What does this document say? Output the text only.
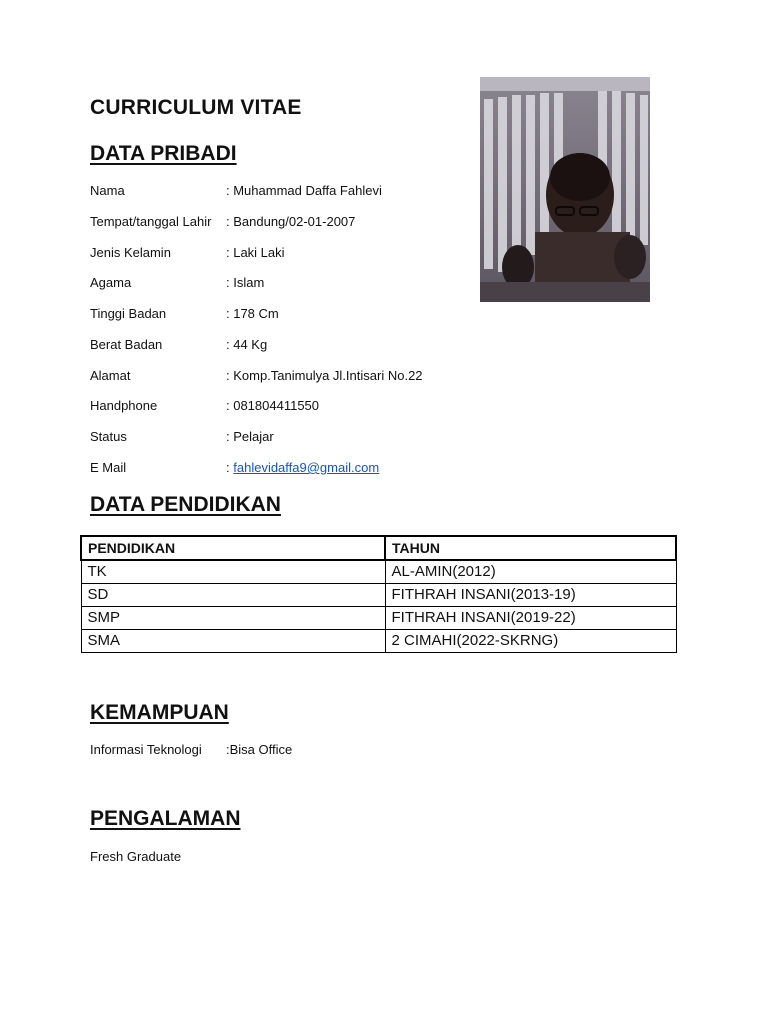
CURRICULUM VITAE
DATA PRIBADI
Nama	: Muhammad Daffa Fahlevi
Tempat/tanggal Lahir : Bandung/02-01-2007
Jenis Kelamin	: Laki Laki
Agama	: Islam
Tinggi Badan	: 178 Cm
Berat Badan	: 44 Kg
Alamat	: Komp.Tanimulya Jl.Intisari No.22
Handphone	: 081804411550
Status	: Pelajar
E Mail	: fahlevidaffa9@gmail.com
DATA PENDIDIKAN
PENDIDIKAN	TAHUN
TK	AL-AMIN(2012)
SD	FITHRAH INSANI(2013-19)
SMP	FITHRAH INSANI(2019-22)
SMA	2 CIMAHI(2022-SKRNG)
KEMAMPUAN
Informasi Teknologi :Bisa Office
PENGALAMAN
Fresh Graduate
